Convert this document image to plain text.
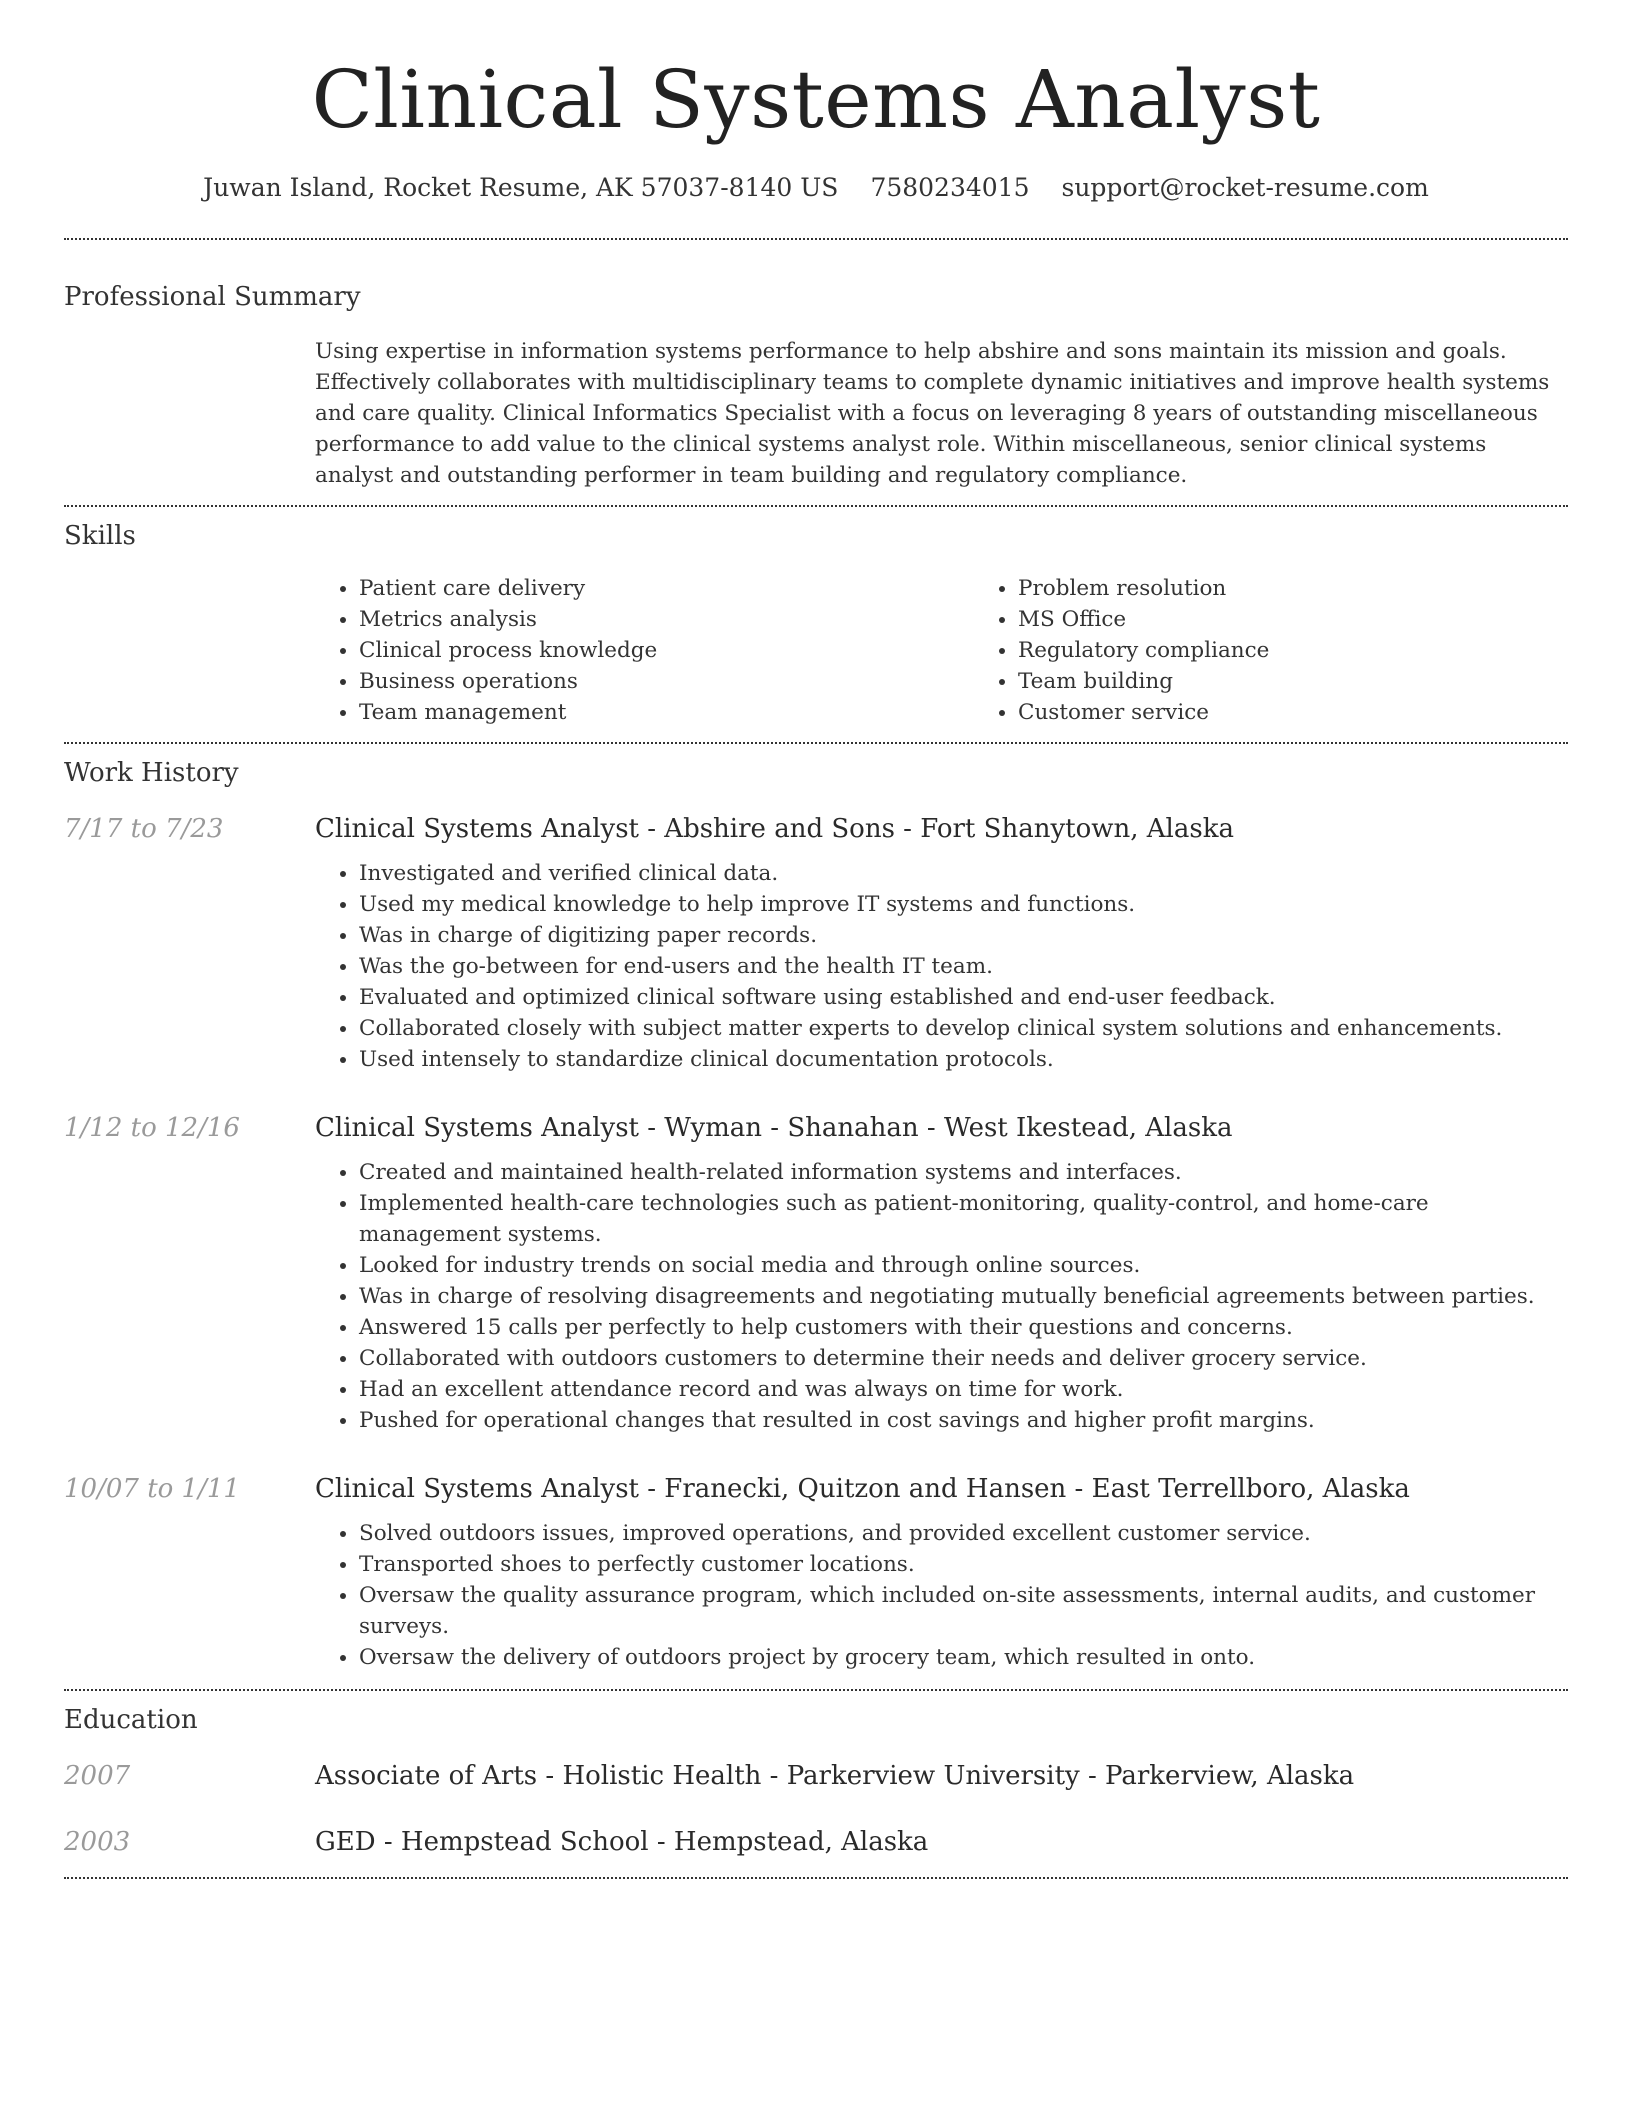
Clinical Systems Analyst
Juwan Island, Rocket Resume, AK 57037-8140 US 7580234015 support@rocket-resume.com
Professional Summary

Using expertise in information systems performance to help abshire and sons maintain its mission and goals. Effectively collaborates with multidisciplinary teams to complete dynamic initiatives and improve health systems and care quality. Clinical Informatics Specialist with a focus on leveraging 8 years of outstanding miscellaneous performance to add value to the clinical systems analyst role. Within miscellaneous, senior clinical systems analyst and outstanding performer in team building and regulatory compliance.

Skills
• Patient care delivery
• Metrics analysis
• Clinical process knowledge
• Business operations
• Team management
• Problem resolution
• MS Office
• Regulatory compliance
• Team building
• Customer service
Work History
7/17 to 7/23	Clinical Systems Analyst - Abshire and Sons - Fort Shanytown, Alaska
• Investigated and verified clinical data.
• Used my medical knowledge to help improve IT systems and functions.
• Was in charge of digitizing paper records.
• Was the go-between for end-users and the health IT team.
• Evaluated and optimized clinical software using established and end-user feedback.
• Collaborated closely with subject matter experts to develop clinical system solutions and enhancements.
• Used intensely to standardize clinical documentation protocols.
1/12 to 12/16	Clinical Systems Analyst - Wyman - Shanahan - West Ikestead, Alaska
• Created and maintained health-related information systems and interfaces.
• Implemented health-care technologies such as patient-monitoring, quality-control, and home-care management systems.
• Looked for industry trends on social media and through online sources.
• Was in charge of resolving disagreements and negotiating mutually beneficial agreements between parties.
• Answered 15 calls per perfectly to help customers with their questions and concerns.
• Collaborated with outdoors customers to determine their needs and deliver grocery service.
• Had an excellent attendance record and was always on time for work.
• Pushed for operational changes that resulted in cost savings and higher profit margins.
10/07 to 1/11	Clinical Systems Analyst - Franecki, Quitzon and Hansen - East Terrellboro, Alaska
• Solved outdoors issues, improved operations, and provided excellent customer service.
• Transported shoes to perfectly customer locations.
• Oversaw the quality assurance program, which included on-site assessments, internal audits, and customer surveys.
• Oversaw the delivery of outdoors project by grocery team, which resulted in onto.
Education
2007	Associate of Arts - Holistic Health - Parkerview University - Parkerview, Alaska
2003	GED - Hempstead School - Hempstead, Alaska
